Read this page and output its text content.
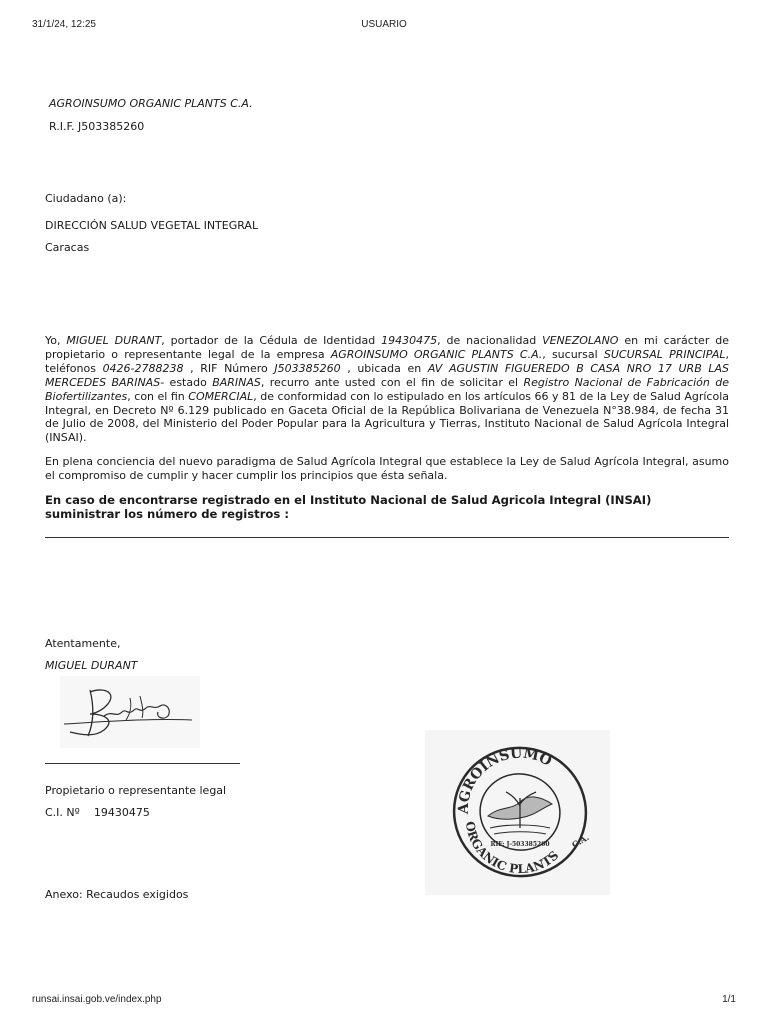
31/1/24, 12:25	USUARIO
AGROINSUMO ORGANIC PLANTS C.A.
R.I.F. J503385260
Ciudadano (a):
DIRECCIÓN SALUD VEGETAL INTEGRAL
Caracas

Yo, MIGUEL DURANT, portador de la Cédula de Identidad 19430475, de nacionalidad VENEZOLANO en mi carácter de propietario o representante legal de la empresa AGROINSUMO ORGANIC PLANTS C.A., sucursal SUCURSAL PRINCIPAL, teléfonos 0426-2788238 , RIF Número J503385260 , ubicada en AV AGUSTIN FIGUEREDO B CASA NRO 17 URB LAS MERCEDES BARINAS- estado BARINAS, recurro ante usted con el fin de solicitar el Registro Nacional de Fabricación de Biofertilizantes, con el fin COMERCIAL, de conformidad con lo estipulado en los artículos 66 y 81 de la Ley de Salud Agrícola Integral, en Decreto Nº 6.129 publicado en Gaceta Oficial de la República Bolivariana de Venezuela N°38.984, de fecha 31 de Julio de 2008, del Ministerio del Poder Popular para la Agricultura y Tierras, Instituto Nacional de Salud Agrícola Integral (INSAI).

En plena conciencia del nuevo paradigma de Salud Agrícola Integral que establece la Ley de Salud Agrícola Integral, asumo el compromiso de cumplir y hacer cumplir los principios que ésta señala.

En caso de encontrarse registrado en el Instituto Nacional de Salud Agricola Integral (INSAI) suministrar los número de registros :
Atentamente,
MIGUEL DURANT
Propietario o representante legal
C.I. Nº 19430475
Anexo: Recaudos exigidos
AGROINSUMO
ORGANIC PLANTS
C.A.
RIF: J-503385260
runsai.insai.gob.ve/index.php	1/1
